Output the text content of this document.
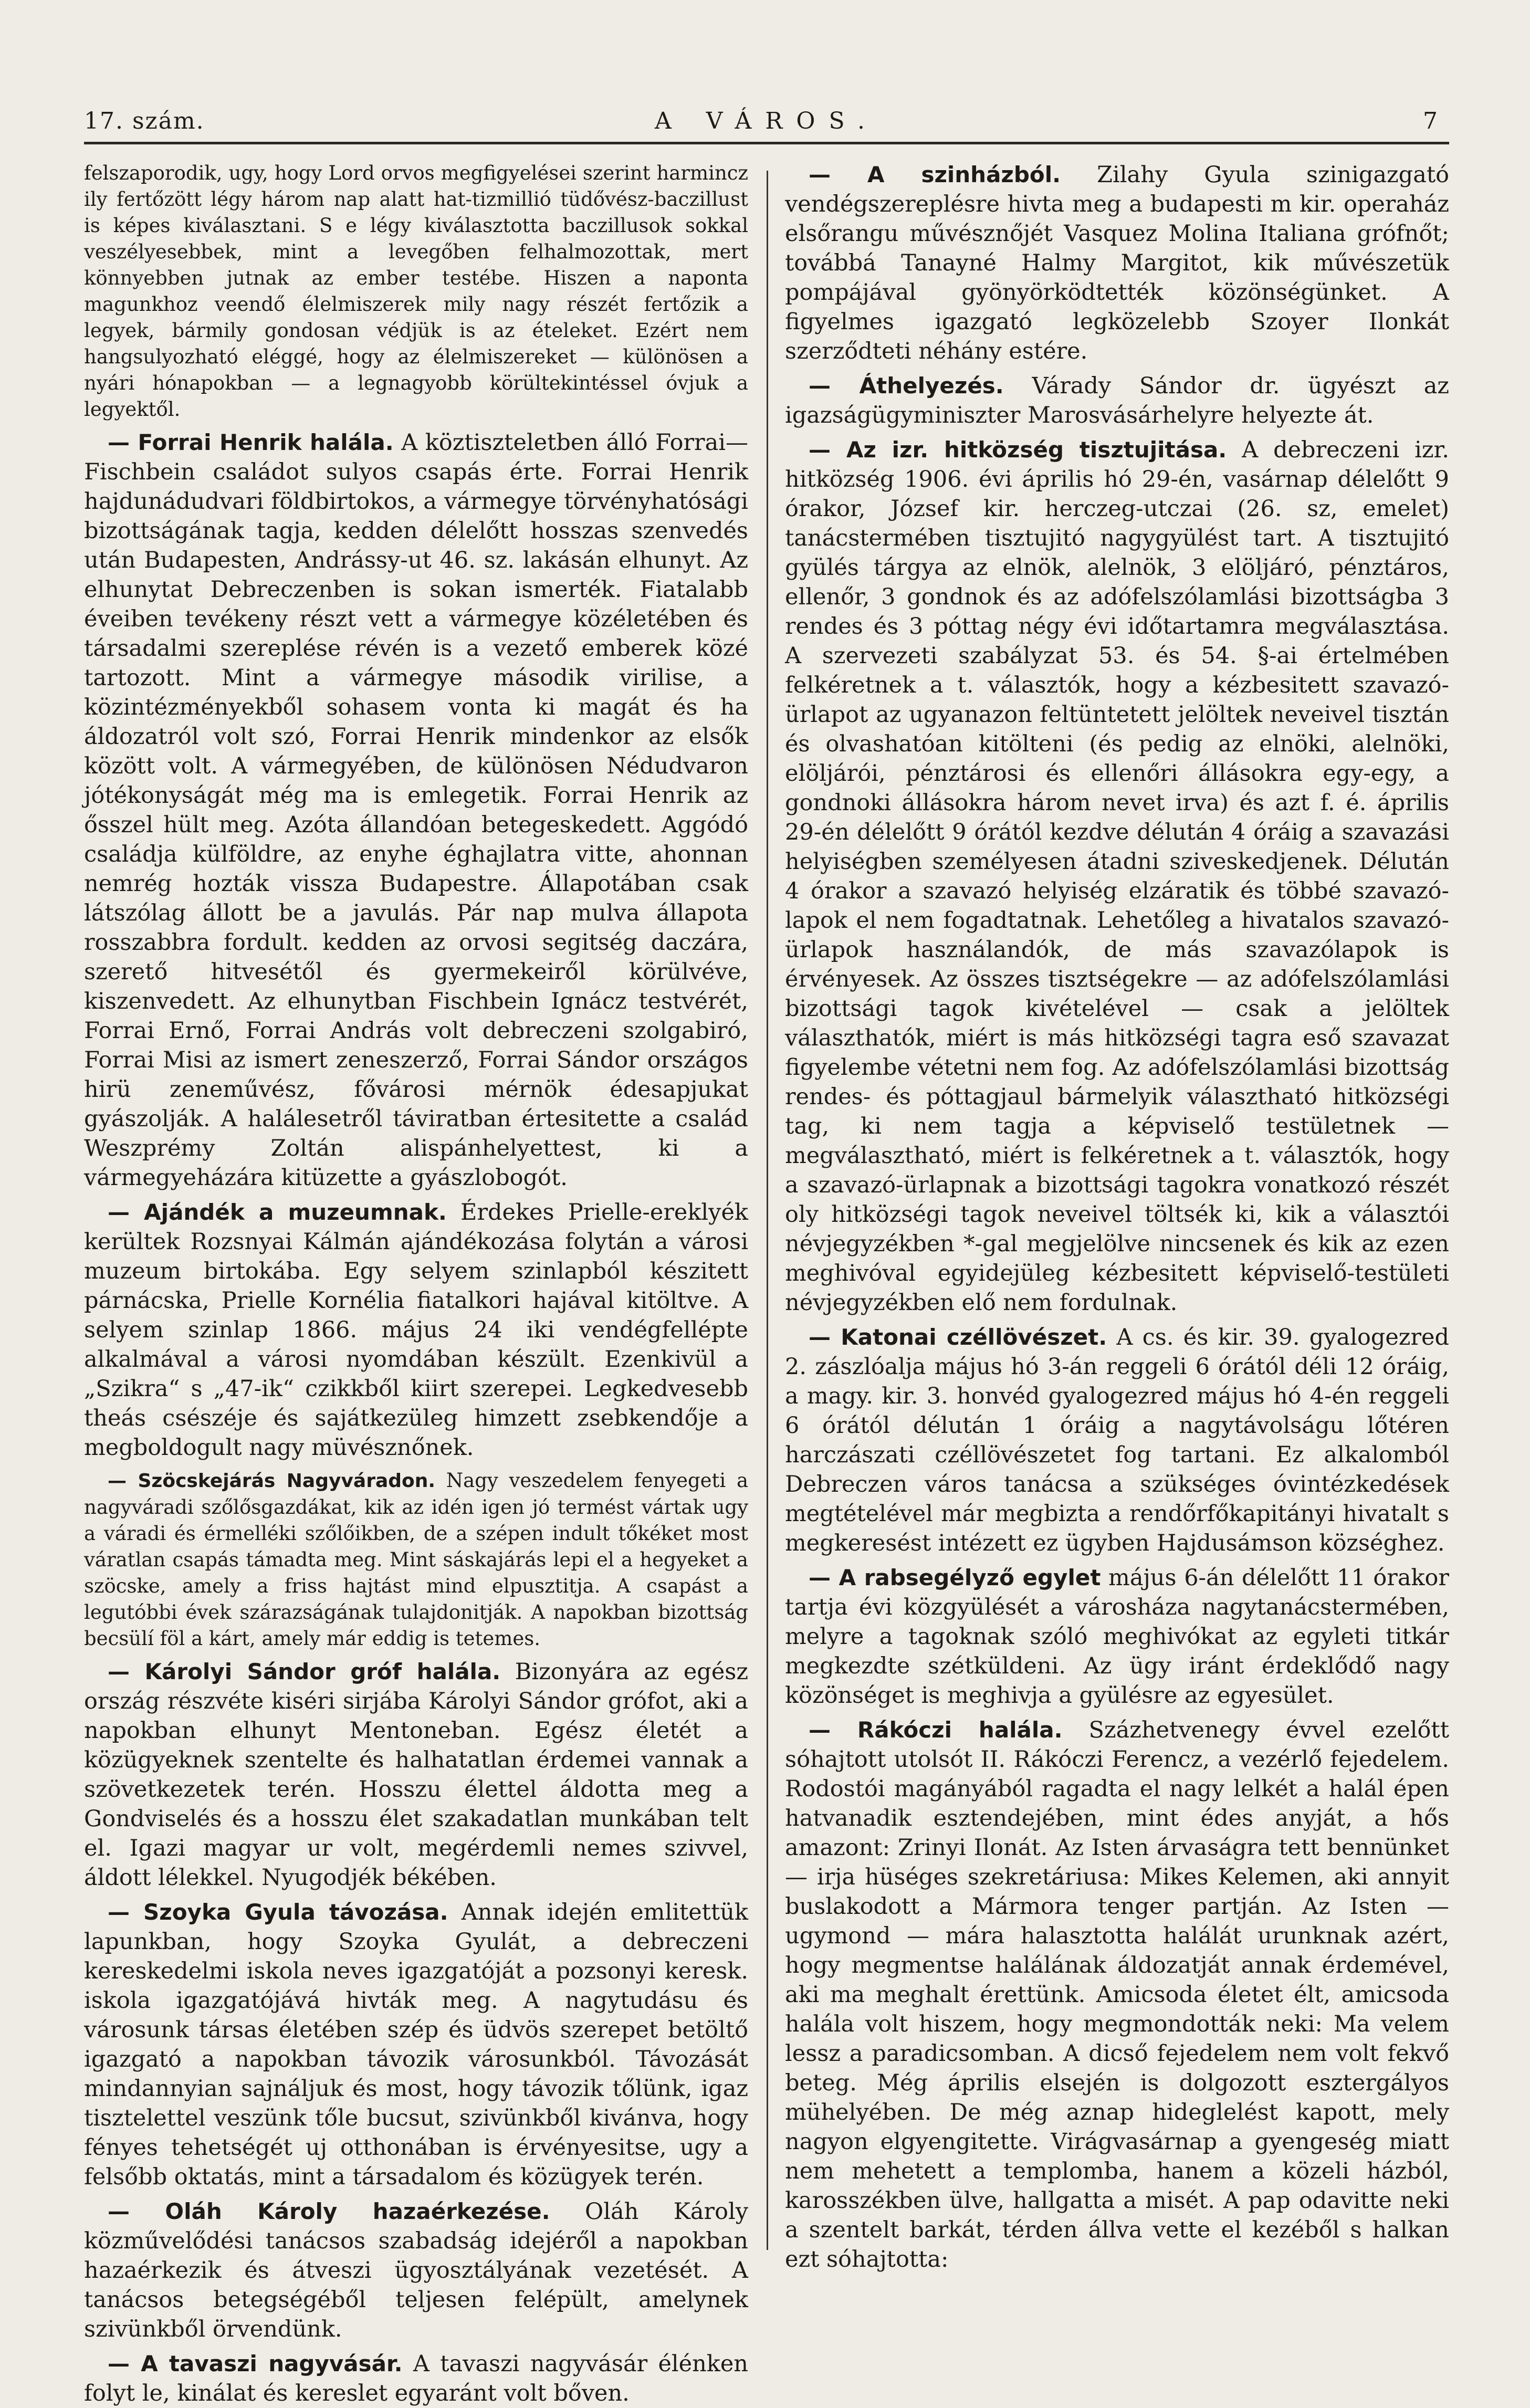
17. szám.	A VÁROS.	7

felszaporodik, ugy, hogy Lord orvos megfigyelései szerint harmincz ily fertőzött légy három nap alatt hat-tizmillió tüdővész-baczillust is képes kiválasztani. S e légy kiválasztotta baczillusok sokkal veszélyesebbek, mint a levegőben felhalmozottak, mert könnyebben jutnak az ember testébe. Hiszen a naponta magunkhoz veendő élelmiszerek mily nagy részét fertőzik a legyek, bármily gondosan védjük is az ételeket. Ezért nem hangsulyozható eléggé, hogy az élelmiszereket — különösen a nyári hónapokban — a legnagyobb körültekintéssel óvjuk a legyektől.

— Forrai Henrik halála. A köztiszteletben álló Forrai—Fischbein családot sulyos csapás érte. Forrai Henrik hajdunádudvari földbirtokos, a vármegye törvényhatósági bizottságának tagja, kedden délelőtt hosszas szenvedés után Budapesten, Andrássy-ut 46. sz. lakásán elhunyt. Az elhunytat Debreczenben is sokan ismerték. Fiatalabb éveiben tevékeny részt vett a vármegye közéletében és társadalmi szereplése révén is a vezető emberek közé tartozott. Mint a vármegye második virilise, a közintézményekből sohasem vonta ki magát és ha áldozatról volt szó, Forrai Henrik mindenkor az elsők között volt. A vármegyében, de különösen Nédudvaron jótékonyságát még ma is emlegetik. Forrai Henrik az ősszel hült meg. Azóta állandóan betegeskedett. Aggódó családja külföldre, az enyhe éghajlatra vitte, ahonnan nemrég hozták vissza Budapestre. Állapotában csak látszólag állott be a javulás. Pár nap mulva állapota rosszabbra fordult. kedden az orvosi segitség daczára, szerető hitvesétől és gyermekeiről körülvéve, kiszenvedett. Az elhunytban Fischbein Ignácz testvérét, Forrai Ernő, Forrai András volt debreczeni szolgabiró, Forrai Misi az ismert zeneszerző, Forrai Sándor országos hirü zeneművész, fővárosi mérnök édesapjukat gyászolják. A halálesetről táviratban értesitette a család Weszprémy Zoltán alispánhelyettest, ki a vármegyeházára kitüzette a gyászlobogót.

— Ajándék a muzeumnak. Érdekes Prielle-ereklyék kerültek Rozsnyai Kálmán ajándékozása folytán a városi muzeum birtokába. Egy selyem szinlapból készitett párnácska, Prielle Kornélia fiatalkori hajával kitöltve. A selyem szinlap 1866. május 24 iki vendégfellépte alkalmával a városi nyomdában készült. Ezenkivül a „Szikra“ s „47-ik“ czikkből kiirt szerepei. Legkedvesebb theás csészéje és sajátkezüleg himzett zsebkendője a megboldogult nagy müvésznőnek.

— Szöcskejárás Nagyváradon. Nagy veszedelem fenyegeti a nagyváradi szőlősgazdákat, kik az idén igen jó termést vártak ugy a váradi és érmelléki szőlőikben, de a szépen indult tőkéket most váratlan csapás támadta meg. Mint sáskajárás lepi el a hegyeket a szöcske, amely a friss hajtást mind elpusztitja. A csapást a legutóbbi évek szárazságának tulajdonitják. A napokban bizottság becsülí föl a kárt, amely már eddig is tetemes.

— Károlyi Sándor gróf halála. Bizonyára az egész ország részvéte kiséri sirjába Károlyi Sándor grófot, aki a napokban elhunyt Mentoneban. Egész életét a közügyeknek szentelte és halhatatlan érdemei vannak a szövetkezetek terén. Hosszu élettel áldotta meg a Gondviselés és a hosszu élet szakadatlan munkában telt el. Igazi magyar ur volt, megérdemli nemes szivvel, áldott lélekkel. Nyugodjék békében.

— Szoyka Gyula távozása. Annak idején emlitettük lapunkban, hogy Szoyka Gyulát, a debreczeni kereskedelmi iskola neves igazgatóját a pozsonyi keresk. iskola igazgatójává hivták meg. A nagytudásu és városunk társas életében szép és üdvös szerepet betöltő igazgató a napokban távozik városunkból. Távozását mindannyian sajnáljuk és most, hogy távozik tőlünk, igaz tisztelettel veszünk tőle bucsut, szivünkből kivánva, hogy fényes tehetségét uj otthonában is érvényesitse, ugy a felsőbb oktatás, mint a társadalom és közügyek terén.

— Oláh Károly hazaérkezése. Oláh Károly közművelődési tanácsos szabadság idejéről a napokban hazaérkezik és átveszi ügyosztályának vezetését. A tanácsos betegségéből teljesen felépült, amelynek szivünkből örvendünk.

— A tavaszi nagyvásár. A tavaszi nagyvásár élénken folyt le, kinálat és kereslet egyaránt volt bőven.

— A szinházból. Zilahy Gyula szinigazgató vendégszereplésre hivta meg a budapesti m kir. operaház elsőrangu művésznőjét Vasquez Molina Italiana grófnőt; továbbá Tanayné Halmy Margitot, kik művészetük pompájával gyönyörködtették közönségünket. A figyelmes igazgató legközelebb Szoyer Ilonkát szerződteti néhány estére.

— Áthelyezés. Várady Sándor dr. ügyészt az igazságügyminiszter Marosvásárhelyre helyezte át.

— Az izr. hitközség tisztujitása. A debreczeni izr. hitközség 1906. évi április hó 29-én, vasárnap délelőtt 9 órakor, József kir. herczeg-utczai (26. sz, emelet) tanácstermében tisztujitó nagygyülést tart. A tisztujitó gyülés tárgya az elnök, alelnök, 3 elöljáró, pénztáros, ellenőr, 3 gondnok és az adófelszólamlási bizottságba 3 rendes és 3 póttag négy évi időtartamra megválasztása. A szervezeti szabályzat 53. és 54. §-ai értelmében felkéretnek a t. választók, hogy a kézbesitett szavazó-ürlapot az ugyanazon feltüntetett jelöltek neveivel tisztán és olvashatóan kitölteni (és pedig az elnöki, alelnöki, elöljárói, pénztárosi és ellenőri állásokra egy-egy, a gondnoki állásokra három nevet irva) és azt f. é. április 29-én délelőtt 9 órától kezdve délután 4 óráig a szavazási helyiségben személyesen átadni sziveskedjenek. Délután 4 órakor a szavazó helyiség elzáratik és többé szavazó-lapok el nem fogadtatnak. Lehetőleg a hivatalos szavazó-ürlapok használandók, de más szavazólapok is érvényesek. Az összes tisztségekre — az adófelszólamlási bizottsági tagok kivételével — csak a jelöltek választhatók, miért is más hitközségi tagra eső szavazat figyelembe vétetni nem fog. Az adófelszólamlási bizottság rendes- és póttagjaul bármelyik választható hitközségi tag, ki nem tagja a képviselő testületnek — megválasztható, miért is felkéretnek a t. választók, hogy a szavazó-ürlapnak a bizottsági tagokra vonatkozó részét oly hitközségi tagok neveivel töltsék ki, kik a választói névjegyzékben *-gal megjelölve nincsenek és kik az ezen meghivóval egyidejüleg kézbesitett képviselő-testületi névjegyzékben elő nem fordulnak.

— Katonai czéllövészet. A cs. és kir. 39. gyalogezred 2. zászlóalja május hó 3-án reggeli 6 órától déli 12 óráig, a magy. kir. 3. honvéd gyalogezred május hó 4-én reggeli 6 órától délután 1 óráig a nagytávolságu lőtéren harczászati czéllövészetet fog tartani. Ez alkalomból Debreczen város tanácsa a szükséges óvintézkedések megtételével már megbizta a rendőrfőkapitányi hivatalt s megkeresést intézett ez ügyben Hajdusámson községhez.

— A rabsegélyző egylet május 6-án délelőtt 11 órakor tartja évi közgyülését a városháza nagytanácstermében, melyre a tagoknak szóló meghivókat az egyleti titkár megkezdte szétküldeni. Az ügy iránt érdeklődő nagy közönséget is meghivja a gyülésre az egyesület.

— Rákóczi halála. Százhetvenegy évvel ezelőtt sóhajtott utolsót II. Rákóczi Ferencz, a vezérlő fejedelem. Rodostói magányából ragadta el nagy lelkét a halál épen hatvanadik esztendejében, mint édes anyját, a hős amazont: Zrinyi Ilonát. Az Isten árvaságra tett bennünket — irja hüséges szekretáriusa: Mikes Kelemen, aki annyit buslakodott a Mármora tenger partján. Az Isten — ugymond — mára halasztotta halálát urunknak azért, hogy megmentse halálának áldozatját annak érdemével, aki ma meghalt érettünk. Amicsoda életet élt, amicsoda halála volt hiszem, hogy megmondották neki: Ma velem lessz a paradicsomban. A dicső fejedelem nem volt fekvő beteg. Még április elsején is dolgozott esztergályos mühelyében. De még aznap hideglelést kapott, mely nagyon elgyengitette. Virágvasárnap a gyengeség miatt nem mehetett a templomba, hanem a közeli házból, karosszékben ülve, hallgatta a misét. A pap odavitte neki a szentelt barkát, térden állva vette el kezéből s halkan ezt sóhajtotta:
